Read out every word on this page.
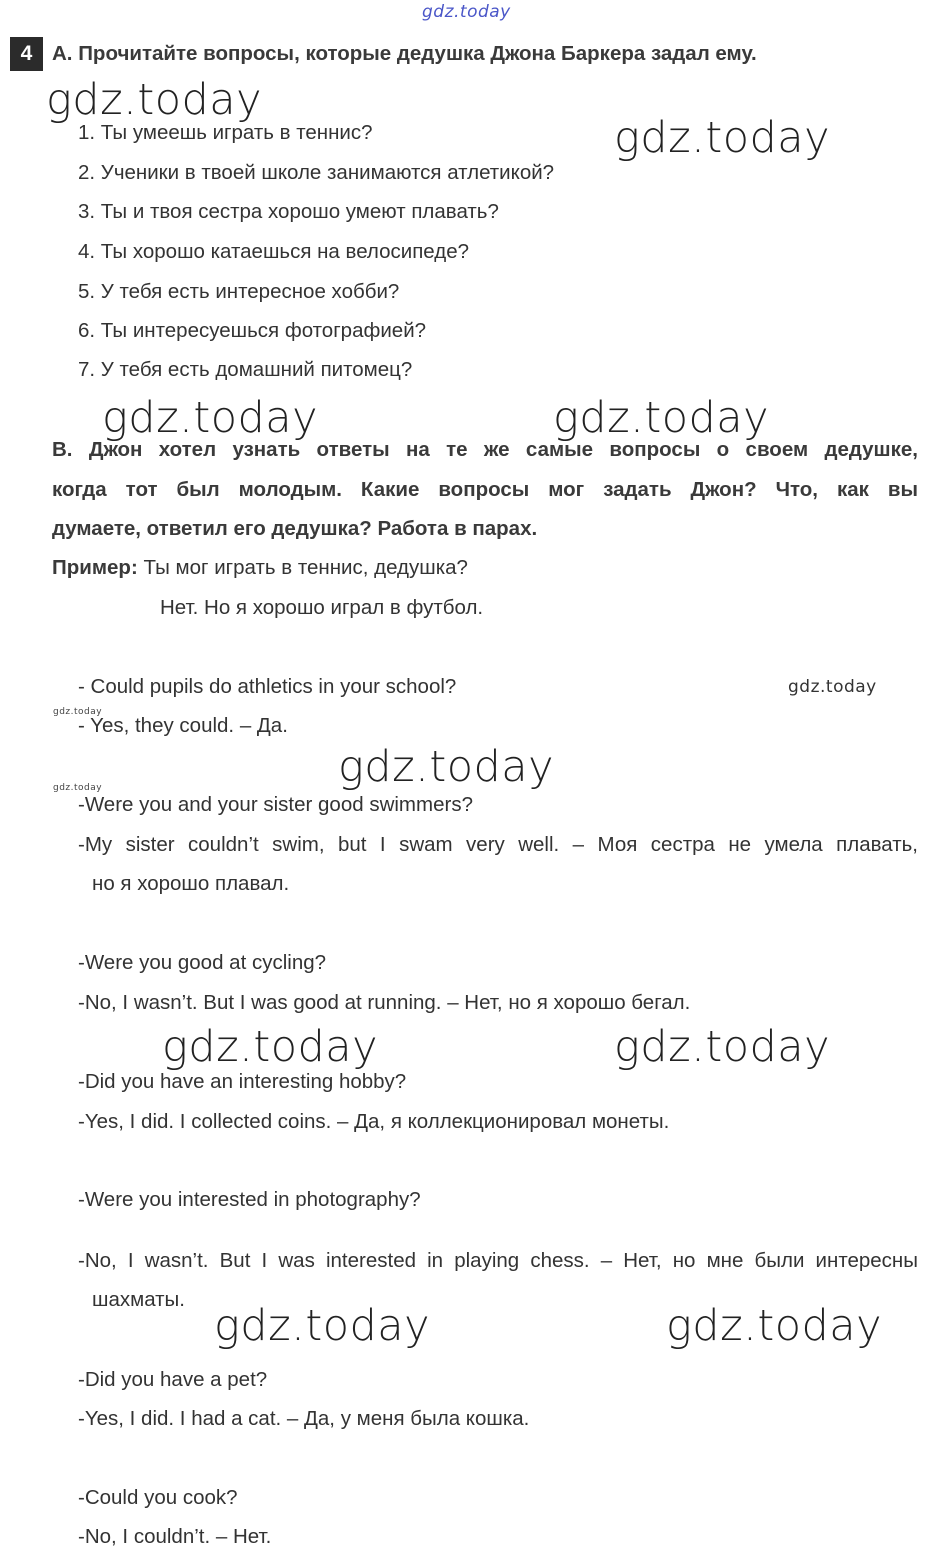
gdz.today
gdz.today
gdz.today
gdz.today	gdz.today
gdz.today
gdz.today
gdz.today
gdz.today
gdz.today	gdz.today
gdz.today	gdz.today
4 A. Прочитайте вопросы, которые дедушка Джона Баркера задал ему.
1. Ты умеешь играть в теннис?
2. Ученики в твоей школе занимаются атлетикой?
3. Ты и твоя сестра хорошо умеют плавать?
4. Ты хорошо катаешься на велосипеде?
5. У тебя есть интересное хобби?
6. Ты интересуешься фотографией?
7. У тебя есть домашний питомец?
B. Джон хотел узнать ответы на те же самые вопросы о своем дедушке,
когда тот был молодым. Какие вопросы мог задать Джон? Что, как вы
думаете, ответил его дедушка? Работа в парах.
Пример: Ты мог играть в теннис, дедушка?
Нет. Но я хорошо играл в футбол.
- Could pupils do athletics in your school?
- Yes, they could. – Да.
-Were you and your sister good swimmers?
-My sister couldn’t swim, but I swam very well. – Моя сестра не умела плавать,
но я хорошо плавал.
-Were you good at cycling?
-No, I wasn’t. But I was good at running. – Нет, но я хорошо бегал.
-Did you have an interesting hobby?
-Yes, I did. I collected coins. – Да, я коллекционировал монеты.
-Were you interested in photography?
-No, I wasn’t. But I was interested in playing chess. – Нет, но мне были интересны
шахматы.
-Did you have a pet?
-Yes, I did. I had a cat. – Да, у меня была кошка.
-Could you cook?
-No, I couldn’t. – Нет.
